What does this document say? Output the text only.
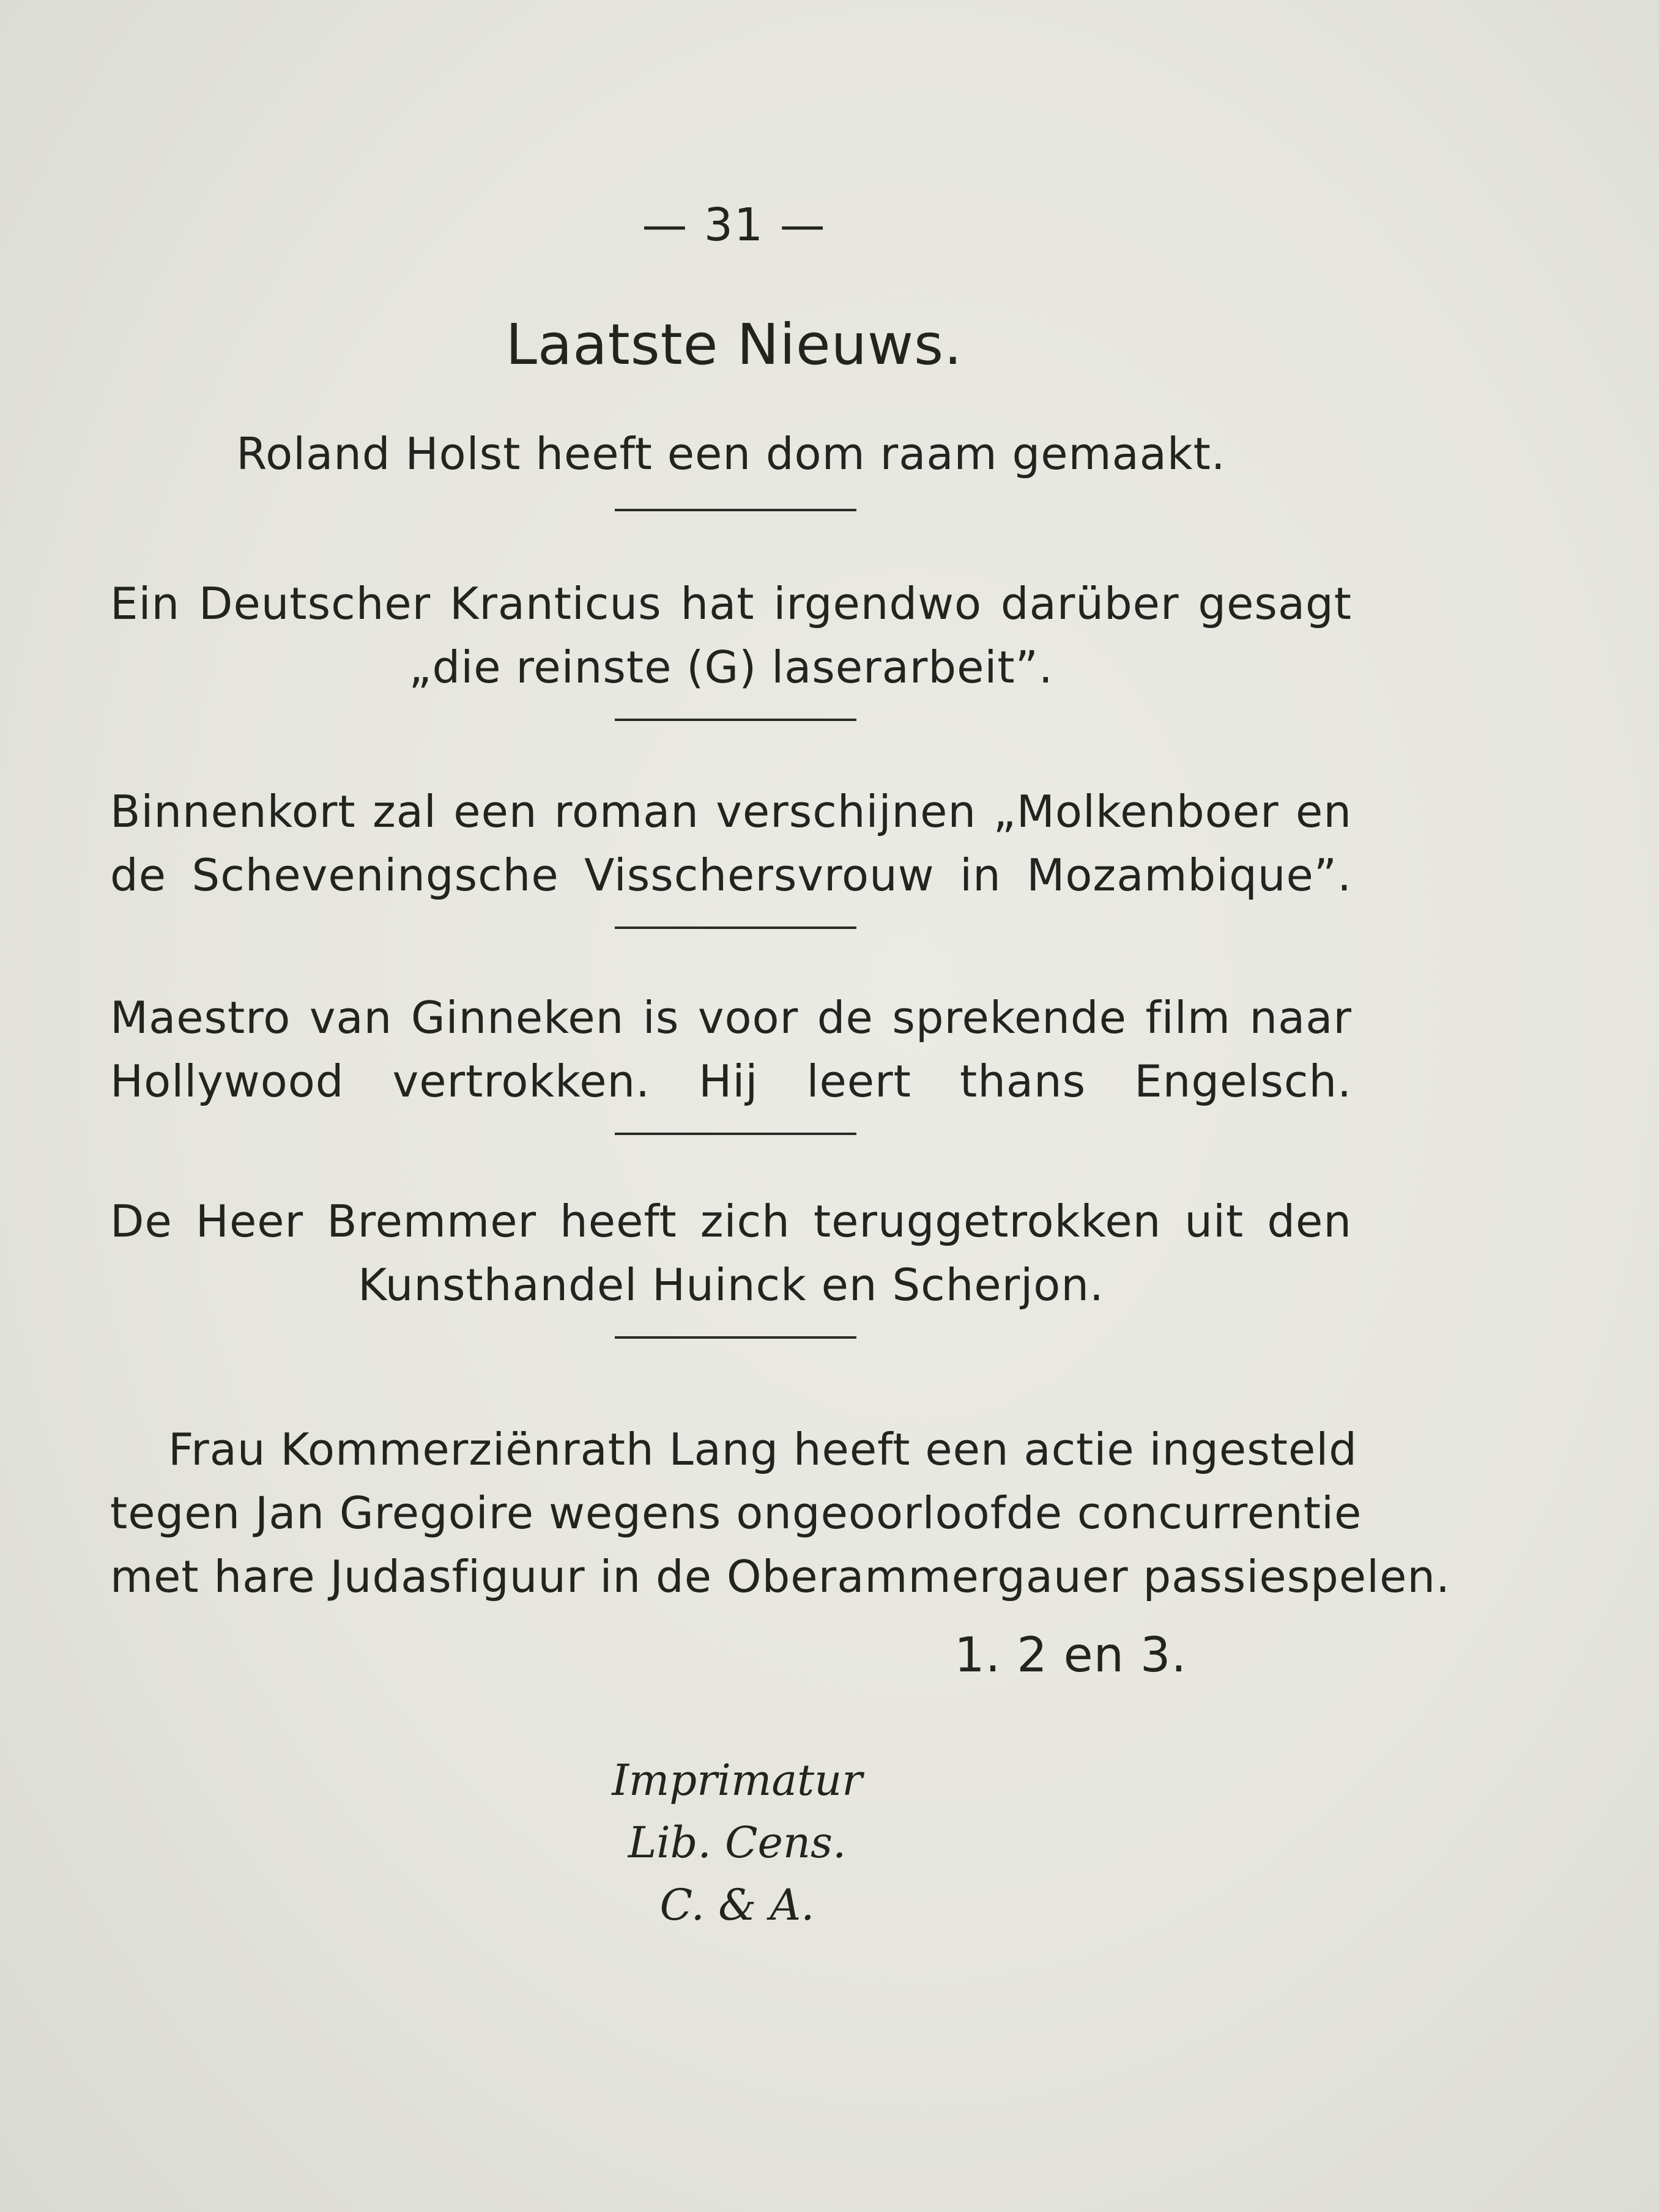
— 31 —
Laatste Nieuws.
Roland Holst heeft een dom raam gemaakt.
Ein Deutscher Kranticus hat irgendwo darüber gesagt
„die reinste (G) laserarbeit”.
Binnenkort zal een roman verschijnen „Molkenboer en
de Scheveningsche Visschersvrouw in Mozambique”.
Maestro van Ginneken is voor de sprekende film naar
Hollywood vertrokken. Hij leert thans Engelsch.
De Heer Bremmer heeft zich teruggetrokken uit den
Kunsthandel Huinck en Scherjon.
Frau Kommerziënrath Lang heeft een actie ingesteld
tegen Jan Gregoire wegens ongeoorloofde concurrentie
met hare Judasfiguur in de Oberammergauer passiespelen.
1. 2 en 3.
Imprimatur
Lib. Cens.
C. & A.
